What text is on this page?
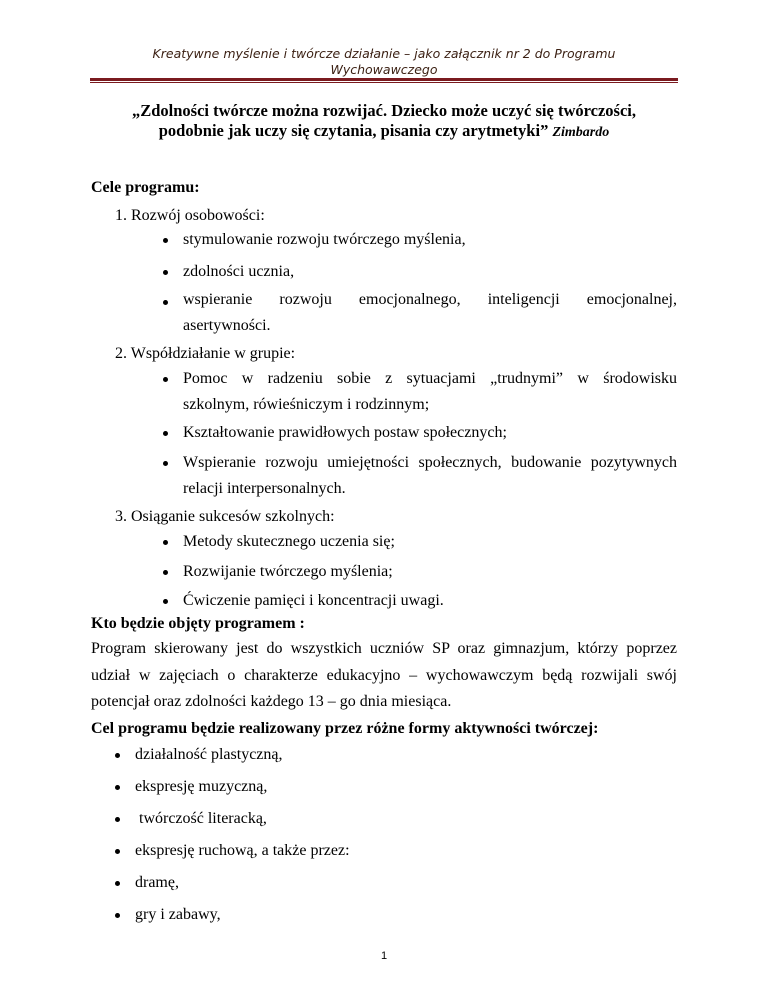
Kreatywne myślenie i twórcze działanie – jako załącznik nr 2 do Programu
Wychowawczego
„Zdolności twórcze można rozwijać. Dziecko może uczyć się twórczości,
podobnie jak uczy się czytania, pisania czy arytmetyki” Zimbardo
Cele programu:
1. Rozwój osobowości:
stymulowanie rozwoju twórczego myślenia,
zdolności ucznia,
wspieranie rozwoju emocjonalnego, inteligencji emocjonalnej,
asertywności.
2. Współdziałanie w grupie:
Pomoc w radzeniu sobie z sytuacjami „trudnymi” w środowisku
szkolnym, rówieśniczym i rodzinnym;
Kształtowanie prawidłowych postaw społecznych;
Wspieranie rozwoju umiejętności społecznych, budowanie pozytywnych
relacji interpersonalnych.
3. Osiąganie sukcesów szkolnych:
Metody skutecznego uczenia się;
Rozwijanie twórczego myślenia;
Ćwiczenie pamięci i koncentracji uwagi.
Kto będzie objęty programem :
Program skierowany jest do wszystkich uczniów SP oraz gimnazjum, którzy poprzez
udział w zajęciach o charakterze edukacyjno – wychowawczym będą rozwijali swój
potencjał oraz zdolności każdego 13 – go dnia miesiąca.
Cel programu będzie realizowany przez różne formy aktywności twórczej:
działalność plastyczną,
ekspresję muzyczną,
twórczość literacką,
ekspresję ruchową, a także przez:
dramę,
gry i zabawy,
1
